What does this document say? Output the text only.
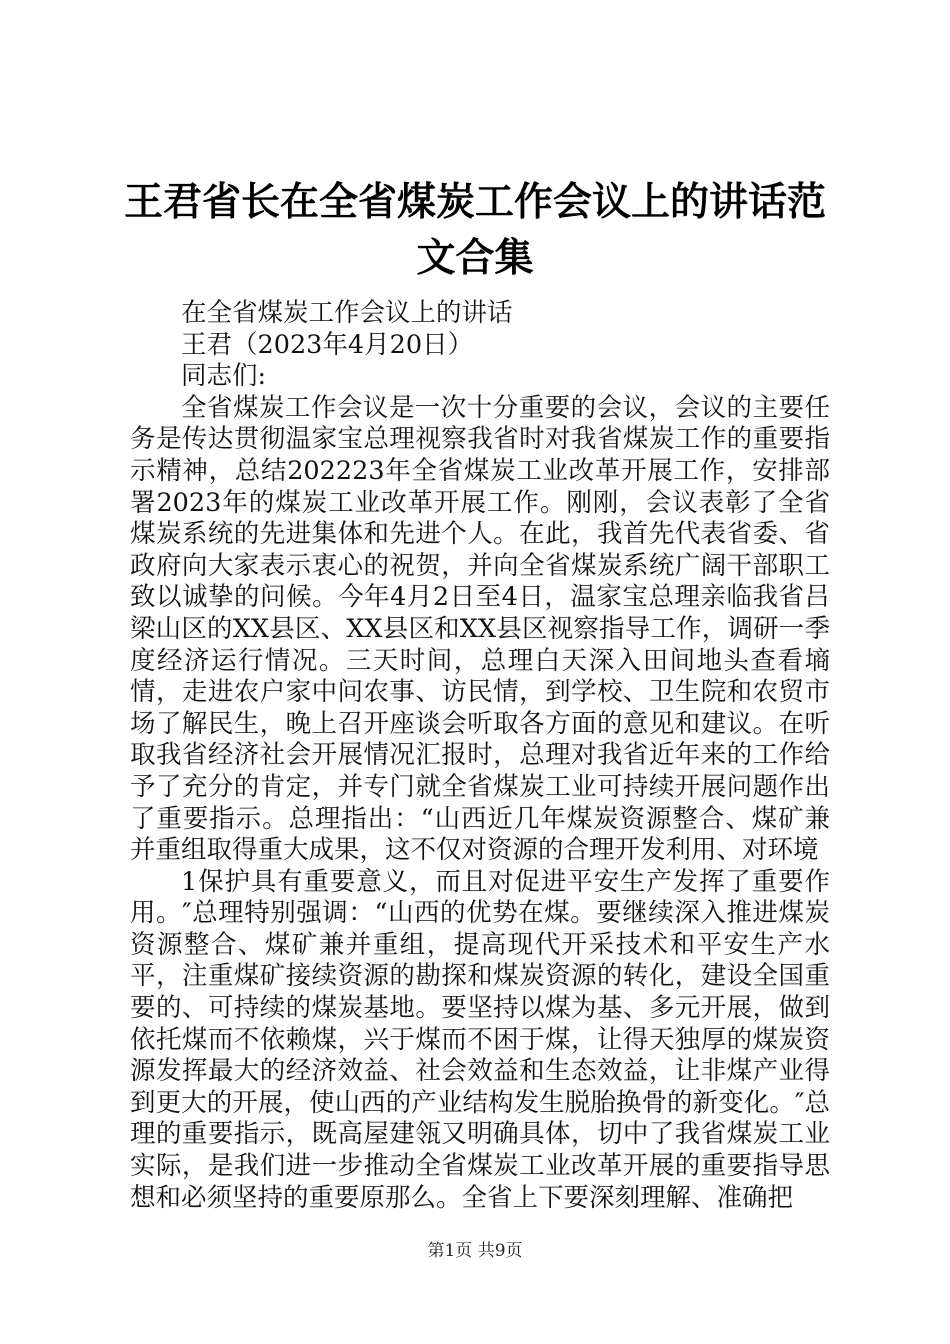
王君省长在全省煤炭工作会议上的讲话范文合集

在全省煤炭工作会议上的讲话

王君（2023年4月20日）

同志们:

全省煤炭工作会议是一次十分重要的会议，会议的主要任务是传达贯彻温家宝总理视察我省时对我省煤炭工作的重要指示精神，总结202223年全省煤炭工业改革开展工作，安排部署2023年的煤炭工业改革开展工作。刚刚，会议表彰了全省煤炭系统的先进集体和先进个人。在此，我首先代表省委、省政府向大家表示衷心的祝贺，并向全省煤炭系统广阔干部职工致以诚挚的问候。今年4月2日至4日，温家宝总理亲临我省吕梁山区的XX县区、XX县区和XX县区视察指导工作，调研一季度经济运行情况。三天时间，总理白天深入田间地头查看墒情，走进农户家中问农事、访民情，到学校、卫生院和农贸市场了解民生，晚上召开座谈会听取各方面的意见和建议。在听取我省经济社会开展情况汇报时，总理对我省近年来的工作给予了充分的肯定，并专门就全省煤炭工业可持续开展问题作出了重要指示。总理指出：“山西近几年煤炭资源整合、煤矿兼并重组取得重大成果，这不仅对资源的合理开发利用、对环境

1保护具有重要意义，而且对促进平安生产发挥了重要作用。″总理特别强调：“山西的优势在煤。要继续深入推进煤炭资源整合、煤矿兼并重组，提高现代开采技术和平安生产水平，注重煤矿接续资源的勘探和煤炭资源的转化，建设全国重要的、可持续的煤炭基地。要坚持以煤为基、多元开展，做到依托煤而不依赖煤，兴于煤而不困于煤，让得天独厚的煤炭资源发挥最大的经济效益、社会效益和生态效益，让非煤产业得到更大的开展，使山西的产业结构发生脱胎换骨的新变化。″总理的重要指示，既高屋建瓴又明确具体，切中了我省煤炭工业实际，是我们进一步推动全省煤炭工业改革开展的重要指导思想和必须坚持的重要原那么。全省上下要深刻理解、准确把

第1页 共9页
